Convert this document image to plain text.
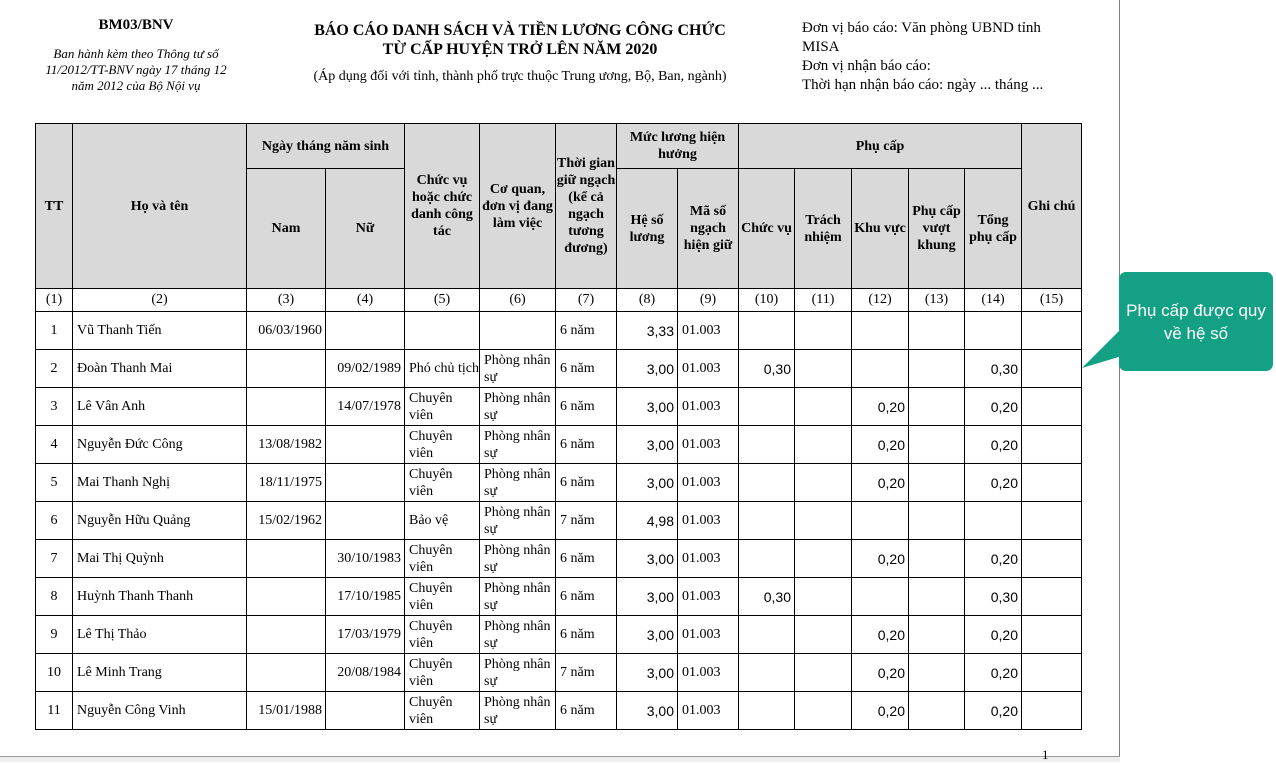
BM03/BNV
Ban hành kèm theo Thông tư số 11/2012/TT-BNV ngày 17 tháng 12 năm 2012 của Bộ Nội vụ
BÁO CÁO DANH SÁCH VÀ TIỀN LƯƠNG CÔNG CHỨC
TỪ CẤP HUYỆN TRỞ LÊN NĂM 2020
(Áp dụng đối với tỉnh, thành phố trực thuộc Trung ương, Bộ, Ban, ngành)
Đơn vị báo cáo: Văn phòng UBND tỉnh
MISA
Đơn vị nhận báo cáo:
Thời hạn nhận báo cáo: ngày ... tháng ...
TT	Họ và tên	Ngày tháng năm sinh		Chức vụ hoặc chức danh công tác	Cơ quan, đơn vị đang làm việc	Thời gian giữ ngạch (kể cả ngạch tương đương)	Mức lương hiện hưởng		Phụ cấp					Ghi chú
		Nam	Nữ				Hệ số lương	Mã số ngạch hiện giữ	Chức vụ	Trách nhiệm	Khu vực	Phụ cấp vượt khung	Tổng phụ cấp	
(1)	(2)	(3)	(4)	(5)	(6)	(7)	(8)	(9)	(10)	(11)	(12)	(13)	(14)	(15)
1	Vũ Thanh Tiến	06/03/1960				6 năm	3,33	01.003						
2	Đoàn Thanh Mai		09/02/1989	Phó chủ tịch	Phòng nhân sự	6 năm	3,00	01.003	0,30				0,30	
3	Lê Vân Anh		14/07/1978	Chuyên viên	Phòng nhân sự	6 năm	3,00	01.003			0,20		0,20	
4	Nguyễn Đức Công	13/08/1982		Chuyên viên	Phòng nhân sự	6 năm	3,00	01.003			0,20		0,20	
5	Mai Thanh Nghị	18/11/1975		Chuyên viên	Phòng nhân sự	6 năm	3,00	01.003			0,20		0,20	
6	Nguyễn Hữu Quảng	15/02/1962		Bảo vệ	Phòng nhân sự	7 năm	4,98	01.003						
7	Mai Thị Quỳnh		30/10/1983	Chuyên viên	Phòng nhân sự	6 năm	3,00	01.003			0,20		0,20	
8	Huỳnh Thanh Thanh		17/10/1985	Chuyên viên	Phòng nhân sự	6 năm	3,00	01.003	0,30				0,30	
9	Lê Thị Thảo		17/03/1979	Chuyên viên	Phòng nhân sự	6 năm	3,00	01.003			0,20		0,20	
10	Lê Minh Trang		20/08/1984	Chuyên viên	Phòng nhân sự	7 năm	3,00	01.003			0,20		0,20	
11	Nguyễn Công Vinh	15/01/1988		Chuyên viên	Phòng nhân sự	6 năm	3,00	01.003			0,20		0,20	
Phụ cấp được quy về hệ số
1
